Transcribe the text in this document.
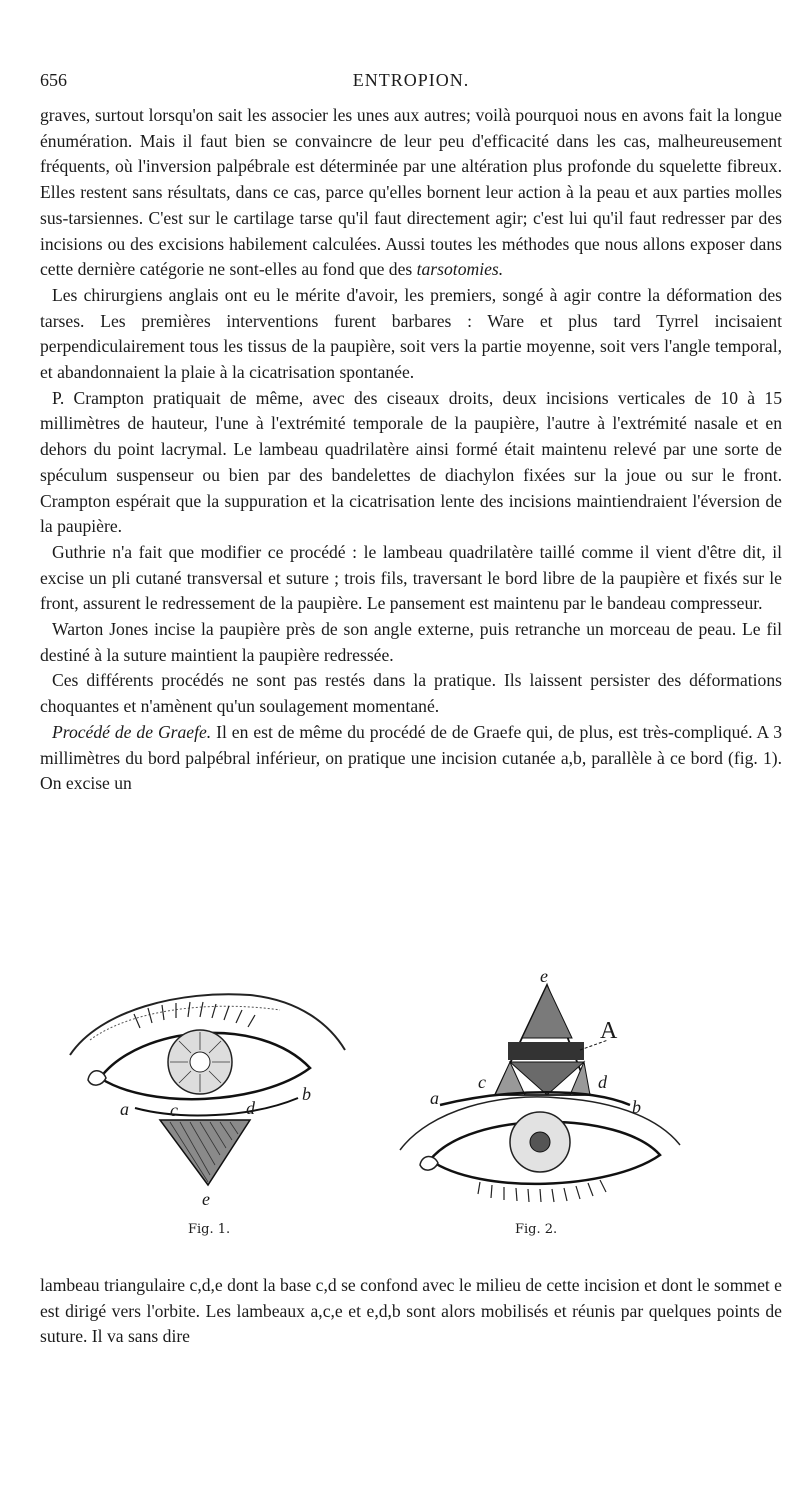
656	ENTROPION.

graves, surtout lorsqu'on sait les associer les unes aux autres; voilà pourquoi nous en avons fait la longue énumération. Mais il faut bien se convaincre de leur peu d'efficacité dans les cas, malheureusement fréquents, où l'inversion palpébrale est déterminée par une altération plus profonde du squelette fibreux. Elles restent sans résultats, dans ce cas, parce qu'elles bornent leur action à la peau et aux parties molles sus-tarsiennes. C'est sur le cartilage tarse qu'il faut directement agir; c'est lui qu'il faut redresser par des incisions ou des excisions habilement calculées. Aussi toutes les méthodes que nous allons exposer dans cette dernière catégorie ne sont-elles au fond que des tarsotomies.

Les chirurgiens anglais ont eu le mérite d'avoir, les premiers, songé à agir contre la déformation des tarses. Les premières interventions furent barbares : Ware et plus tard Tyrrel incisaient perpendiculairement tous les tissus de la paupière, soit vers la partie moyenne, soit vers l'angle temporal, et abandonnaient la plaie à la cicatrisation spontanée.

P. Crampton pratiquait de même, avec des ciseaux droits, deux incisions verticales de 10 à 15 millimètres de hauteur, l'une à l'extrémité temporale de la paupière, l'autre à l'extrémité nasale et en dehors du point lacrymal. Le lambeau quadrilatère ainsi formé était maintenu relevé par une sorte de spéculum suspenseur ou bien par des bandelettes de diachylon fixées sur la joue ou sur le front. Crampton espérait que la suppuration et la cicatrisation lente des incisions maintiendraient l'éversion de la paupière.

Guthrie n'a fait que modifier ce procédé : le lambeau quadrilatère taillé comme il vient d'être dit, il excise un pli cutané transversal et suture ; trois fils, traversant le bord libre de la paupière et fixés sur le front, assurent le redressement de la paupière. Le pansement est maintenu par le bandeau compresseur.

Warton Jones incise la paupière près de son angle externe, puis retranche un morceau de peau. Le fil destiné à la suture maintient la paupière redressée.

Ces différents procédés ne sont pas restés dans la pratique. Ils laissent persister des déformations choquantes et n'amènent qu'un soulagement momentané.

Procédé de de Graefe. Il en est de même du procédé de de Graefe qui, de plus, est très-compliqué. A 3 millimètres du bord palpébral inférieur, on pratique une incision cutanée a,b, parallèle à ce bord (fig. 1). On excise un

a
b
c	d
e
Fig. 1.
e
A
c	d
a	b
Fig. 2.

lambeau triangulaire c,d,e dont la base c,d se confond avec le milieu de cette incision et dont le sommet e est dirigé vers l'orbite. Les lambeaux a,c,e et e,d,b sont alors mobilisés et réunis par quelques points de suture. Il va sans dire
